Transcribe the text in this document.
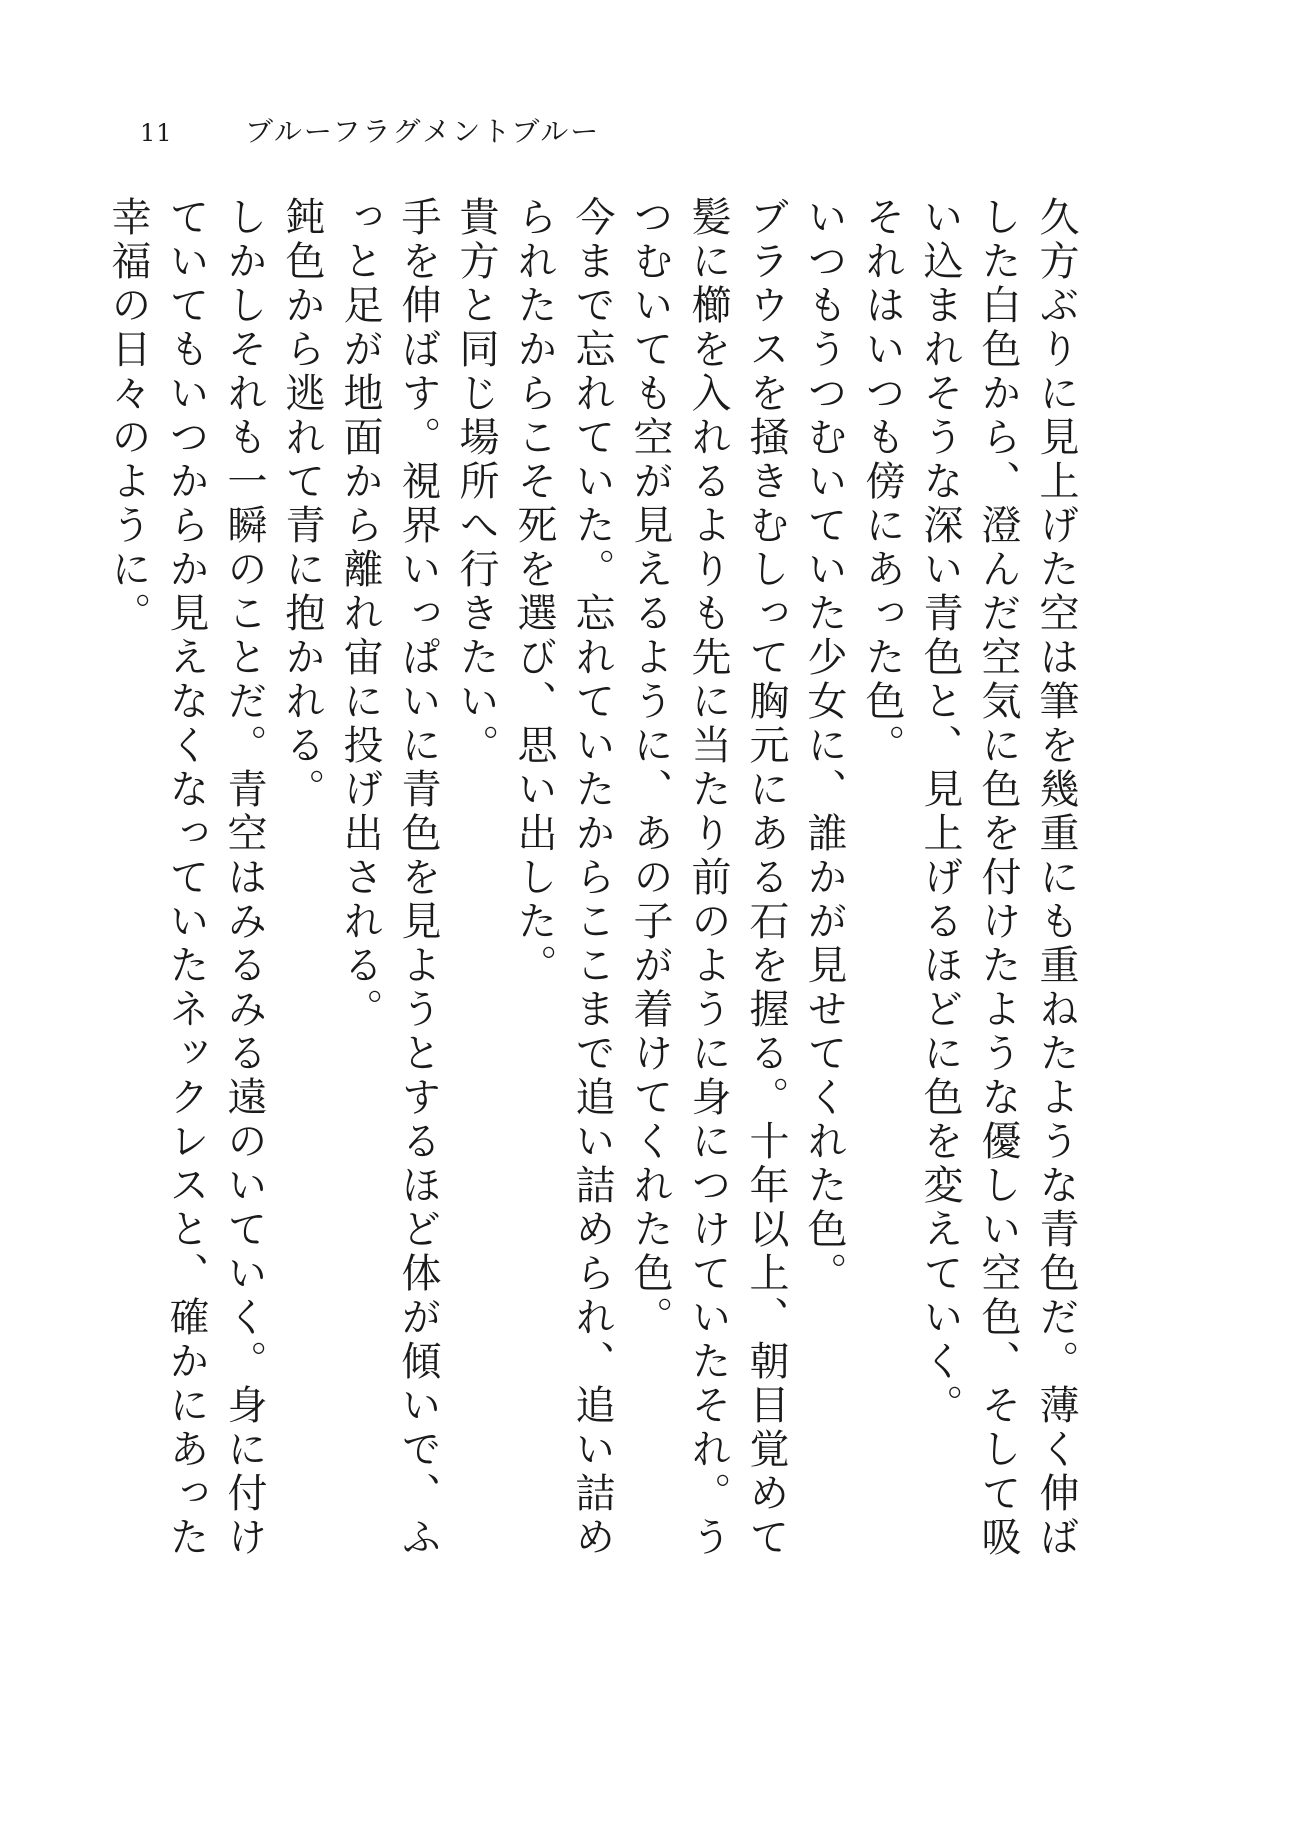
11	ブルーフラグメントブルー

久方ぶりに見上げた空は筆を幾重にも重ねたような青色だ。薄く伸ばした白色から、澄んだ空気に色を付けたような優しい空色、そして吸い込まれそうな深い青色と、見上げるほどに色を変えていく。

それはいつも傍にあった色。

いつもうつむいていた少女に、誰かが見せてくれた色。

ブラウスを掻きむしって胸元にある石を握る。十年以上、朝目覚めて髪に櫛を入れるよりも先に当たり前のように身につけていたそれ。うつむいても空が見えるように、あの子が着けてくれた色。

今まで忘れていた。忘れていたからここまで追い詰められ、追い詰められたからこそ死を選び、思い出した。

貴方と同じ場所へ行きたい。

手を伸ばす。視界いっぱいに青色を見ようとするほど体が傾いで、ふっと足が地面から離れ宙に投げ出される。

鈍色から逃れて青に抱かれる。

しかしそれも一瞬のことだ。青空はみるみる遠のいていく。身に付けていてもいつからか見えなくなっていたネックレスと、確かにあった幸福の日々のように。
